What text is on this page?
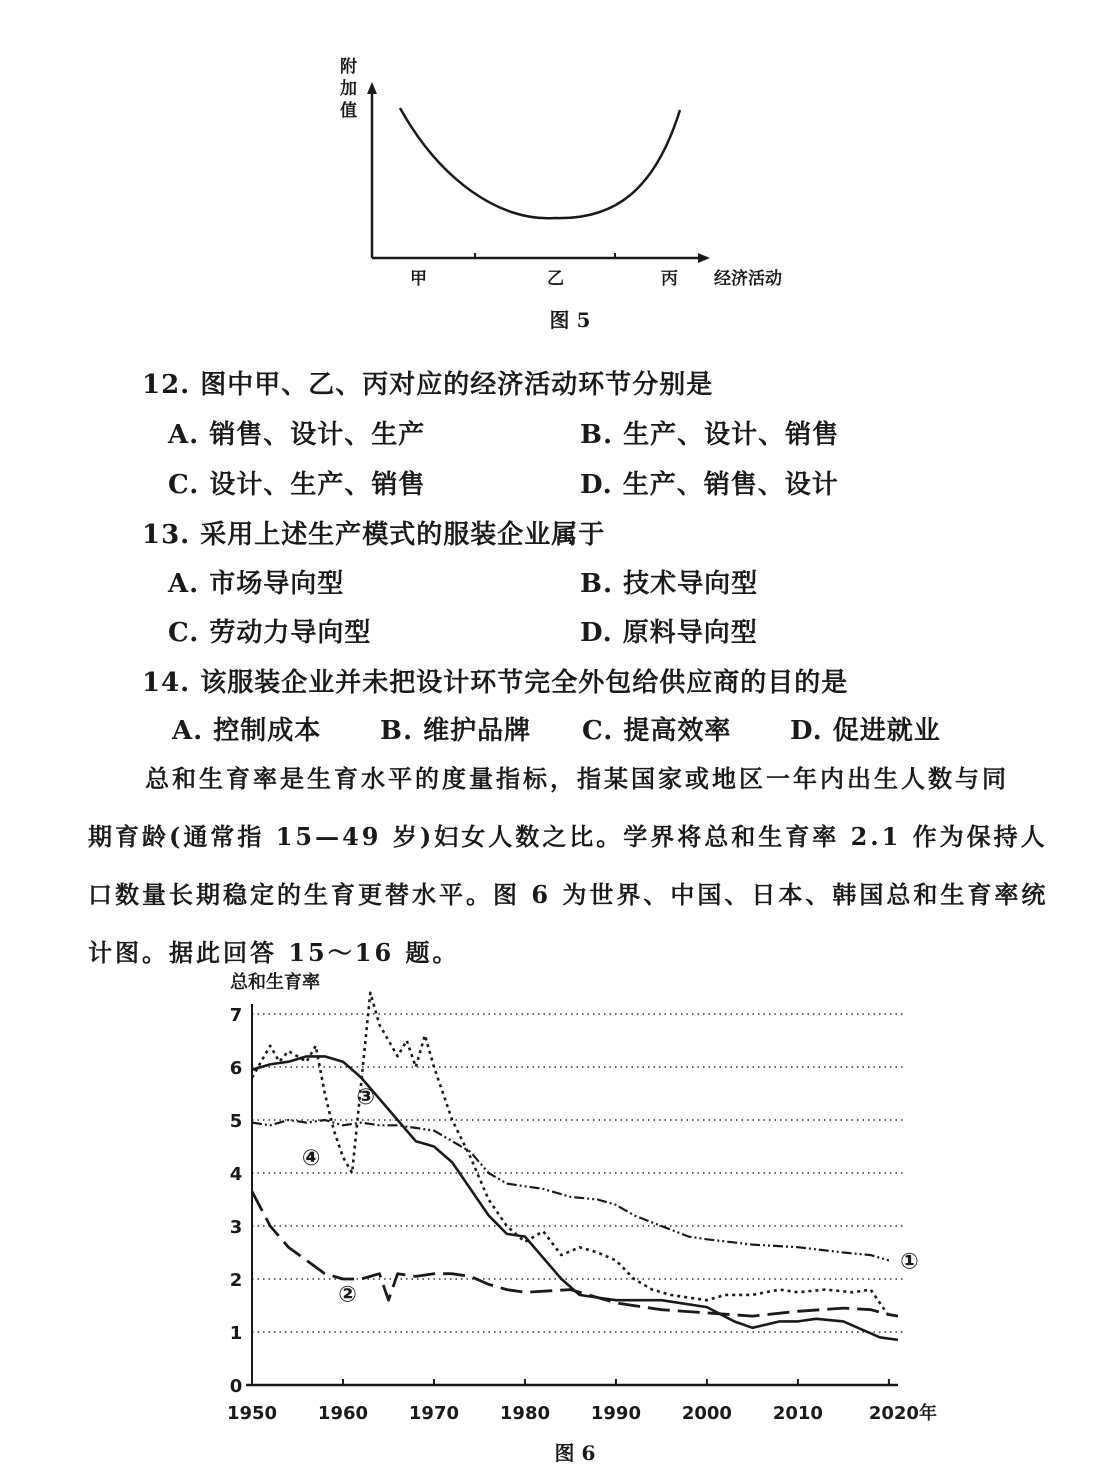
附
加
值
甲	乙	丙 经济活动
图 5
12. 图中甲、乙、丙对应的经济活动环节分别是
A. 销售、设计、生产	B. 生产、设计、销售
C. 设计、生产、销售	D. 生产、销售、设计
13. 采用上述生产模式的服装企业属于
A. 市场导向型	B. 技术导向型
C. 劳动力导向型	D. 原料导向型
14. 该服装企业并未把设计环节完全外包给供应商的目的是
A. 控制成本 B. 维护品牌 C. 提高效率 D. 促进就业
总和生育率是生育水平的度量指标，指某国家或地区一年内出生人数与同
期育龄(通常指 15—49 岁)妇女人数之比。学界将总和生育率 2.1 作为保持人
口数量长期稳定的生育更替水平。图 6 为世界、中国、日本、韩国总和生育率统
计图。据此回答 15～16 题。
总和生育率
0
1
2
3
4
5
6
7
1950 1960 1970 1980 1990 2000 2010	2020年
①
②
③
④
图 6
